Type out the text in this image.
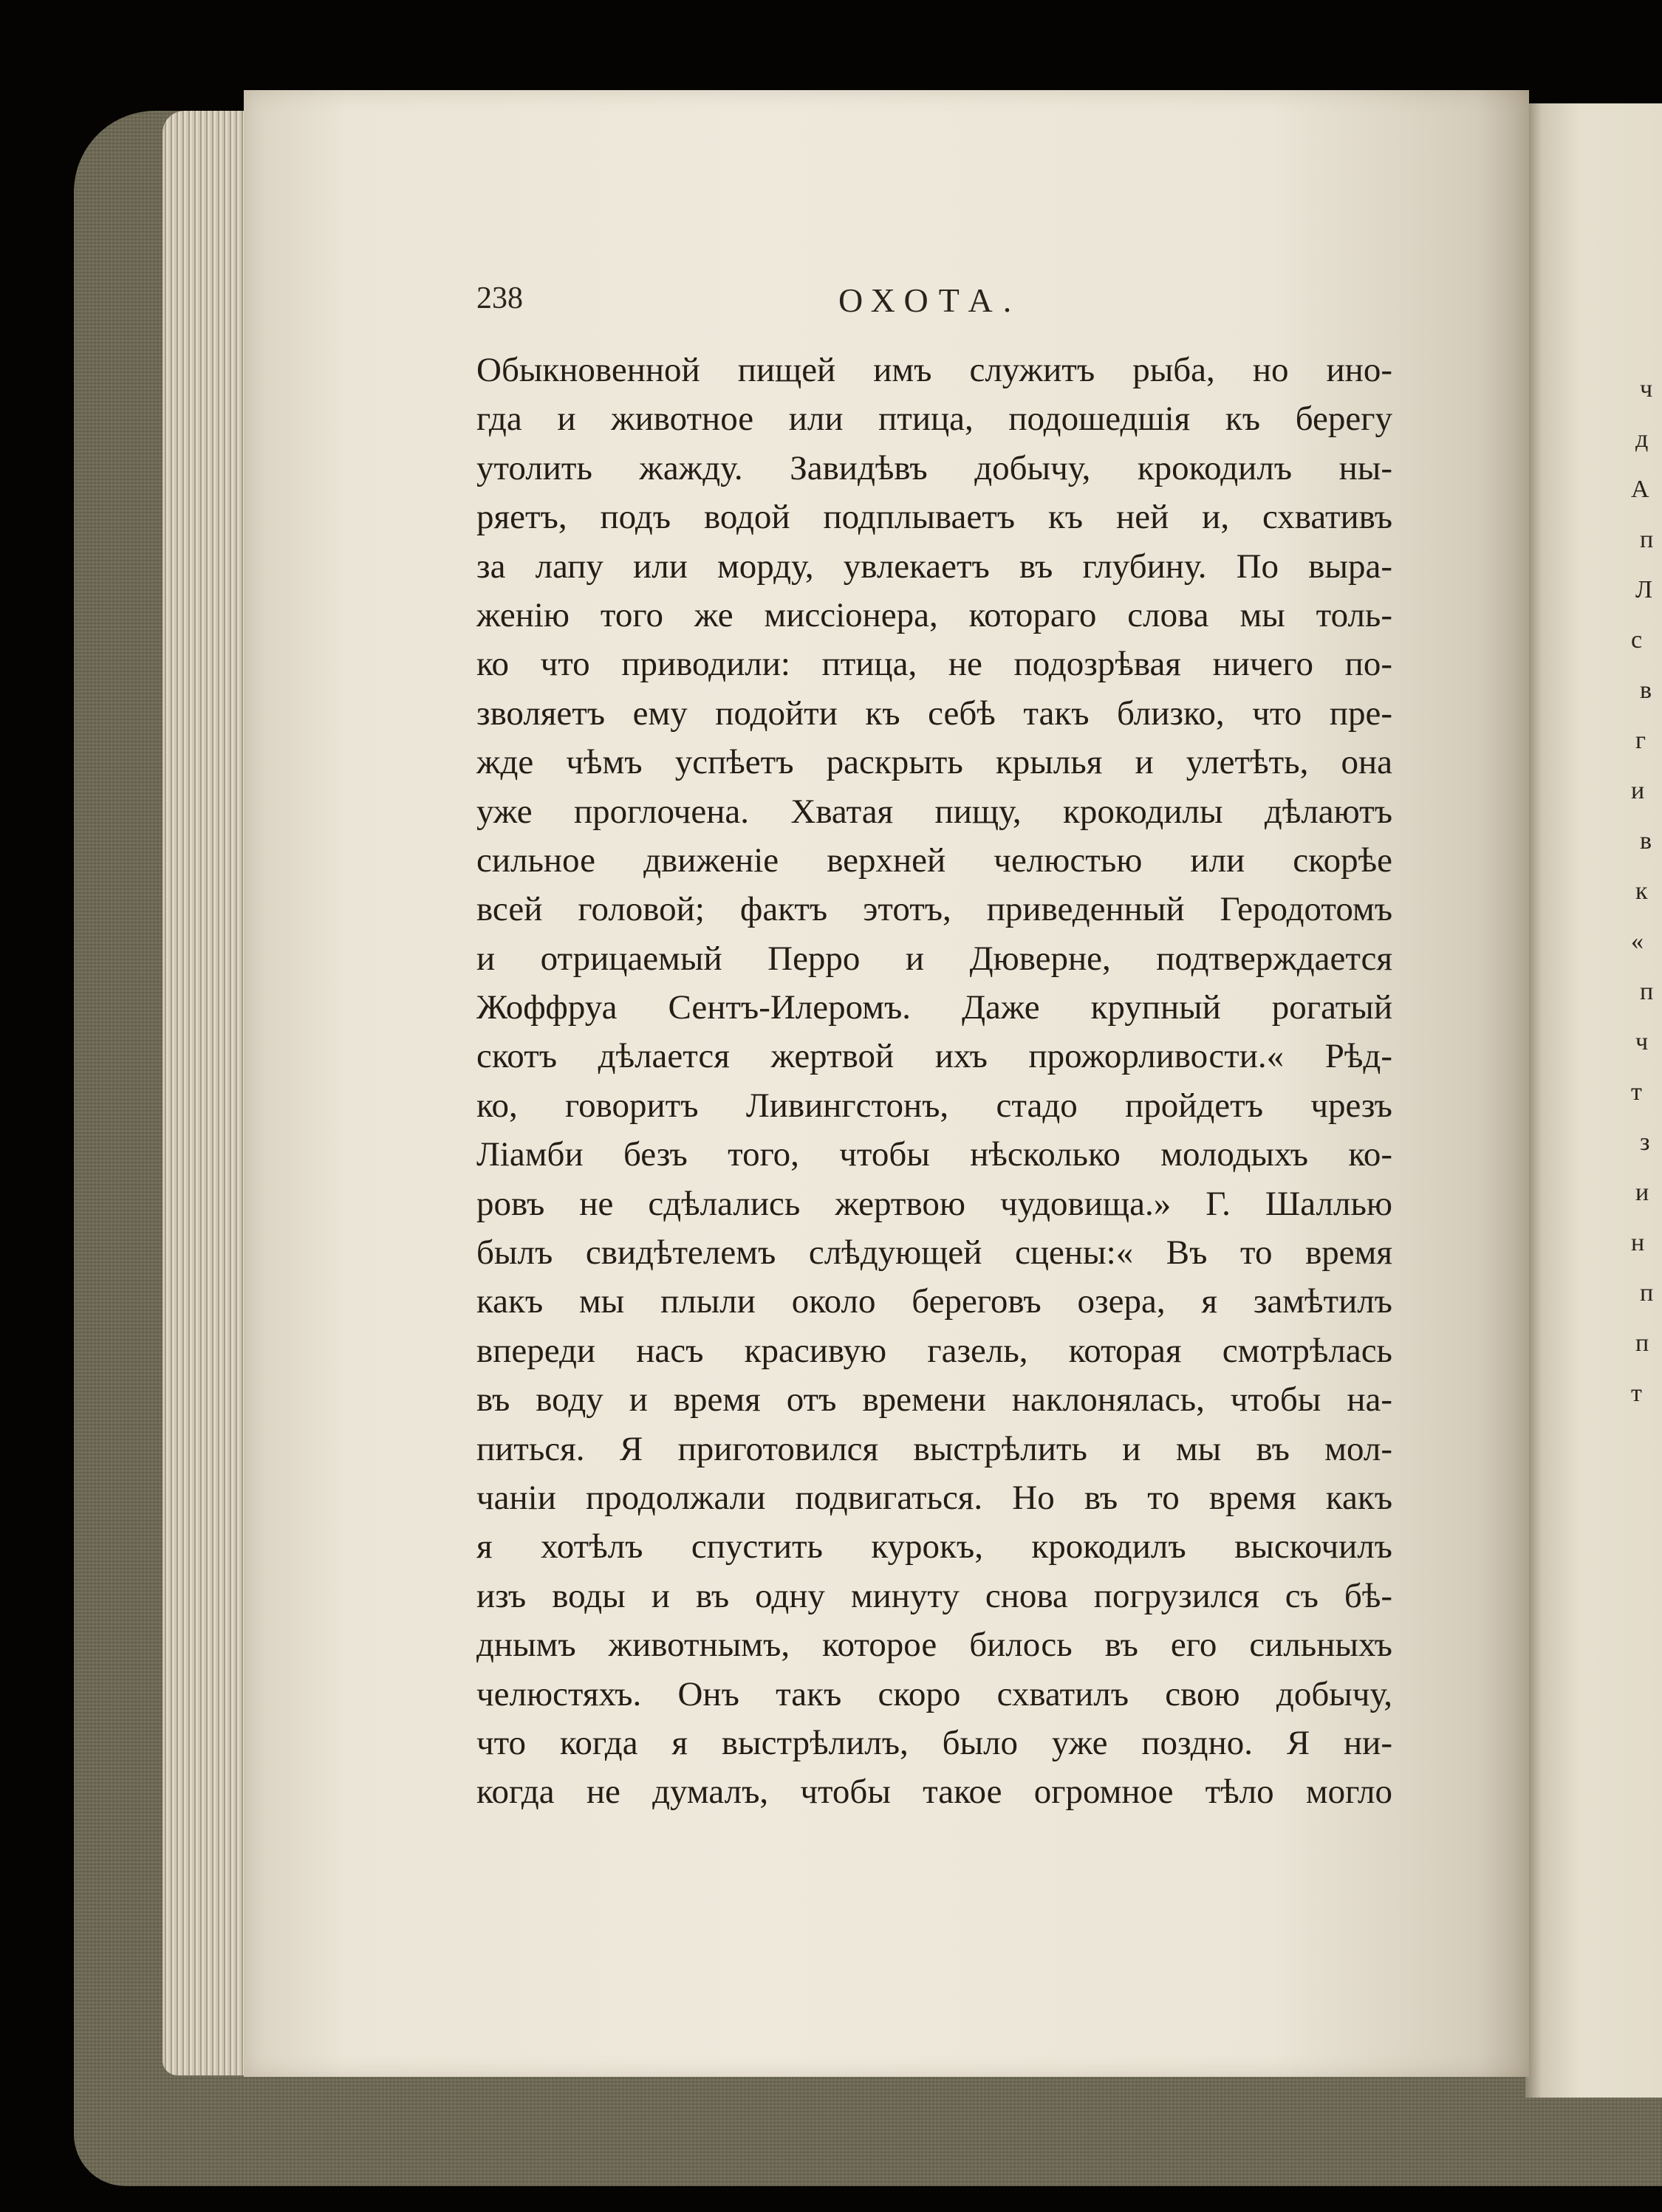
ч
д
А
п
Л
с
в
г
и
в
к
«
п
ч
т
з
и
н
п
п
т
238	ОХОТА.
Обыкновенной пищей имъ служитъ рыба, но ино-
гда и животное или птица, подошедшія къ берегу
утолить жажду. Завидѣвъ добычу, крокодилъ ны-
ряетъ, подъ водой подплываетъ къ ней и, схвативъ
за лапу или морду, увлекаетъ въ глубину. По выра-
женію того же миссіонера, котораго слова мы толь-
ко что приводили: птица, не подозрѣвая ничего по-
зволяетъ ему подойти къ себѣ такъ близко, что пре-
жде чѣмъ успѣетъ раскрыть крылья и улетѣть, она
уже проглочена. Хватая пищу, крокодилы дѣлаютъ
сильное движеніе верхней челюстью или скорѣе
всей головой; фактъ этотъ, приведенный Геродотомъ
и отрицаемый Перро и Дюверне, подтверждается
Жоффруа Сентъ-Илеромъ. Даже крупный рогатый
скотъ дѣлается жертвой ихъ прожорливости.« Рѣд-
ко, говоритъ Ливингстонъ, стадо пройдетъ чрезъ
Ліамби безъ того, чтобы нѣсколько молодыхъ ко-
ровъ не сдѣлались жертвою чудовища.» Г. Шаллью
былъ свидѣтелемъ слѣдующей сцены:« Въ то время
какъ мы плыли около береговъ озера, я замѣтилъ
впереди насъ красивую газель, которая смотрѣлась
въ воду и время отъ времени наклонялась, чтобы на-
питься. Я приготовился выстрѣлить и мы въ мол-
чаніи продолжали подвигаться. Но въ то время какъ
я хотѣлъ спустить курокъ, крокодилъ выскочилъ
изъ воды и въ одну минуту снова погрузился съ бѣ-
днымъ животнымъ, которое билось въ его сильныхъ
челюстяхъ. Онъ такъ скоро схватилъ свою добычу,
что когда я выстрѣлилъ, было уже поздно. Я ни-
когда не думалъ, чтобы такое огромное тѣло могло
